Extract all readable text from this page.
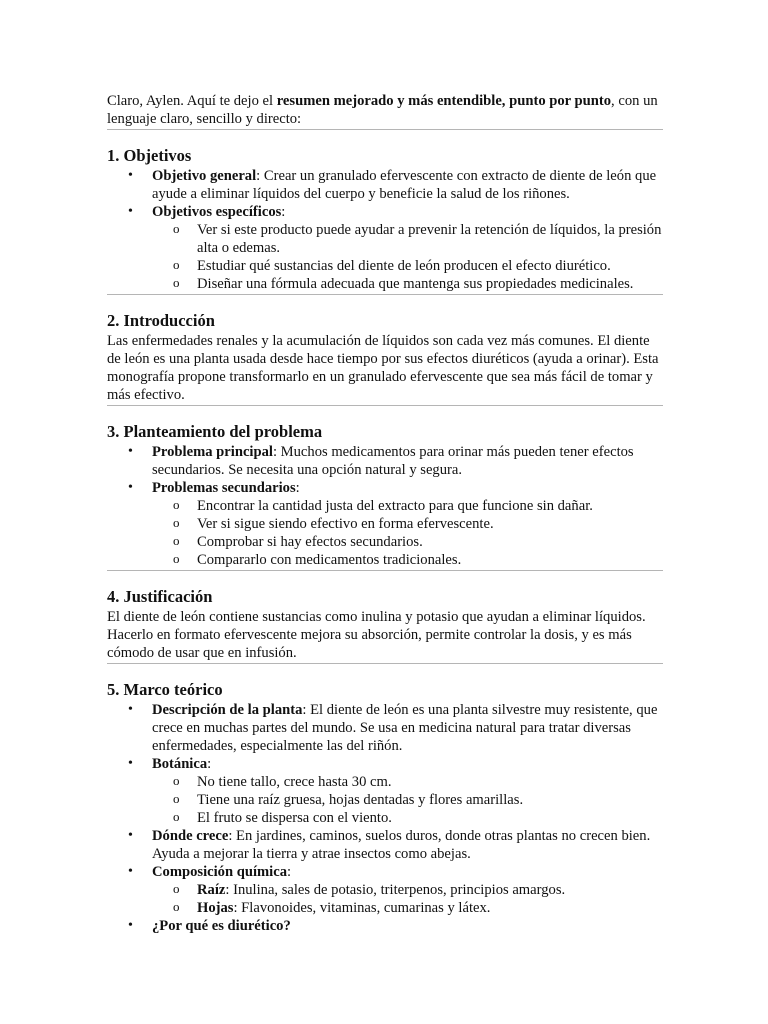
Claro, Aylen. Aquí te dejo el resumen mejorado y más entendible, punto por punto, con un lenguaje claro, sencillo y directo:

1. Objetivos
• Objetivo general: Crear un granulado efervescente con extracto de diente de león que ayude a eliminar líquidos del cuerpo y beneficie la salud de los riñones.
• Objetivos específicos:
o Ver si este producto puede ayudar a prevenir la retención de líquidos, la presión alta o edemas.
o Estudiar qué sustancias del diente de león producen el efecto diurético.
o Diseñar una fórmula adecuada que mantenga sus propiedades medicinales.
2. Introducción

Las enfermedades renales y la acumulación de líquidos son cada vez más comunes. El diente de león es una planta usada desde hace tiempo por sus efectos diuréticos (ayuda a orinar). Esta monografía propone transformarlo en un granulado efervescente que sea más fácil de tomar y más efectivo.

3. Planteamiento del problema
• Problema principal: Muchos medicamentos para orinar más pueden tener efectos secundarios. Se necesita una opción natural y segura.
• Problemas secundarios:
o Encontrar la cantidad justa del extracto para que funcione sin dañar.
o Ver si sigue siendo efectivo en forma efervescente.
o Comprobar si hay efectos secundarios.
o Compararlo con medicamentos tradicionales.
4. Justificación

El diente de león contiene sustancias como inulina y potasio que ayudan a eliminar líquidos. Hacerlo en formato efervescente mejora su absorción, permite controlar la dosis, y es más cómodo de usar que en infusión.

5. Marco teórico
• Descripción de la planta: El diente de león es una planta silvestre muy resistente, que crece en muchas partes del mundo. Se usa en medicina natural para tratar diversas enfermedades, especialmente las del riñón.
• Botánica:
o No tiene tallo, crece hasta 30 cm.
o Tiene una raíz gruesa, hojas dentadas y flores amarillas.
o El fruto se dispersa con el viento.
• Dónde crece: En jardines, caminos, suelos duros, donde otras plantas no crecen bien. Ayuda a mejorar la tierra y atrae insectos como abejas.
• Composición química:
o Raíz: Inulina, sales de potasio, triterpenos, principios amargos.
o Hojas: Flavonoides, vitaminas, cumarinas y látex.
• ¿Por qué es diurético?
